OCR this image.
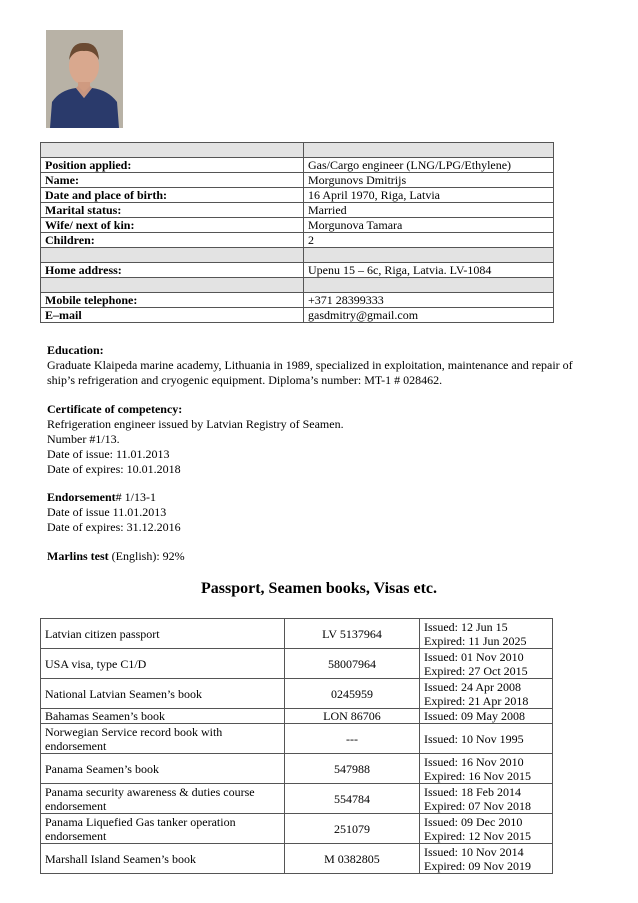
Position applied:	Gas/Cargo engineer (LNG/LPG/Ethylene)
Name:	Morgunovs Dmitrijs
Date and place of birth:	16 April 1970, Riga, Latvia
Marital status:	Married
Wife/ next of kin:	Morgunova Tamara
Children:	2

Home address:	Upenu 15 – 6c, Riga, Latvia. LV-1084

Mobile telephone:	+371 28399333
E–mail	gasdmitry@gmail.com
Education:
Graduate Klaipeda marine academy, Lithuania in 1989, specialized in exploitation, maintenance and repair of
ship’s refrigeration and cryogenic equipment. Diploma’s number: MT-1 # 028462.
Certificate of competency:
Refrigeration engineer issued by Latvian Registry of Seamen.
Number #1/13.
Date of issue: 11.01.2013
Date of expires: 10.01.2018
Endorsement# 1/13-1
Date of issue 11.01.2013
Date of expires: 31.12.2016
Marlins test (English): 92%
Passport, Seamen books, Visas etc.
Latvian citizen passport	LV 5137964	Issued: 12 Jun 15
Expired: 11 Jun 2025

USA visa, type C1/D	58007964	Issued: 01 Nov 2010
Expired: 27 Oct 2015

National Latvian Seamen’s book	0245959	Issued: 24 Apr 2008
Expired: 21 Apr 2018

Bahamas Seamen’s book	LON 86706	Issued: 09 May 2008

Norwegian Service record book with endorsement	---	Issued: 10 Nov 1995

Panama Seamen’s book	547988	Issued: 16 Nov 2010
Expired: 16 Nov 2015

Panama security awareness & duties course endorsement	554784	Issued: 18 Feb 2014
Expired: 07 Nov 2018

Panama Liquefied Gas tanker operation endorsement	251079	Issued: 09 Dec 2010
Expired: 12 Nov 2015

Marshall Island Seamen’s book	M 0382805	Issued: 10 Nov 2014
Expired: 09 Nov 2019
